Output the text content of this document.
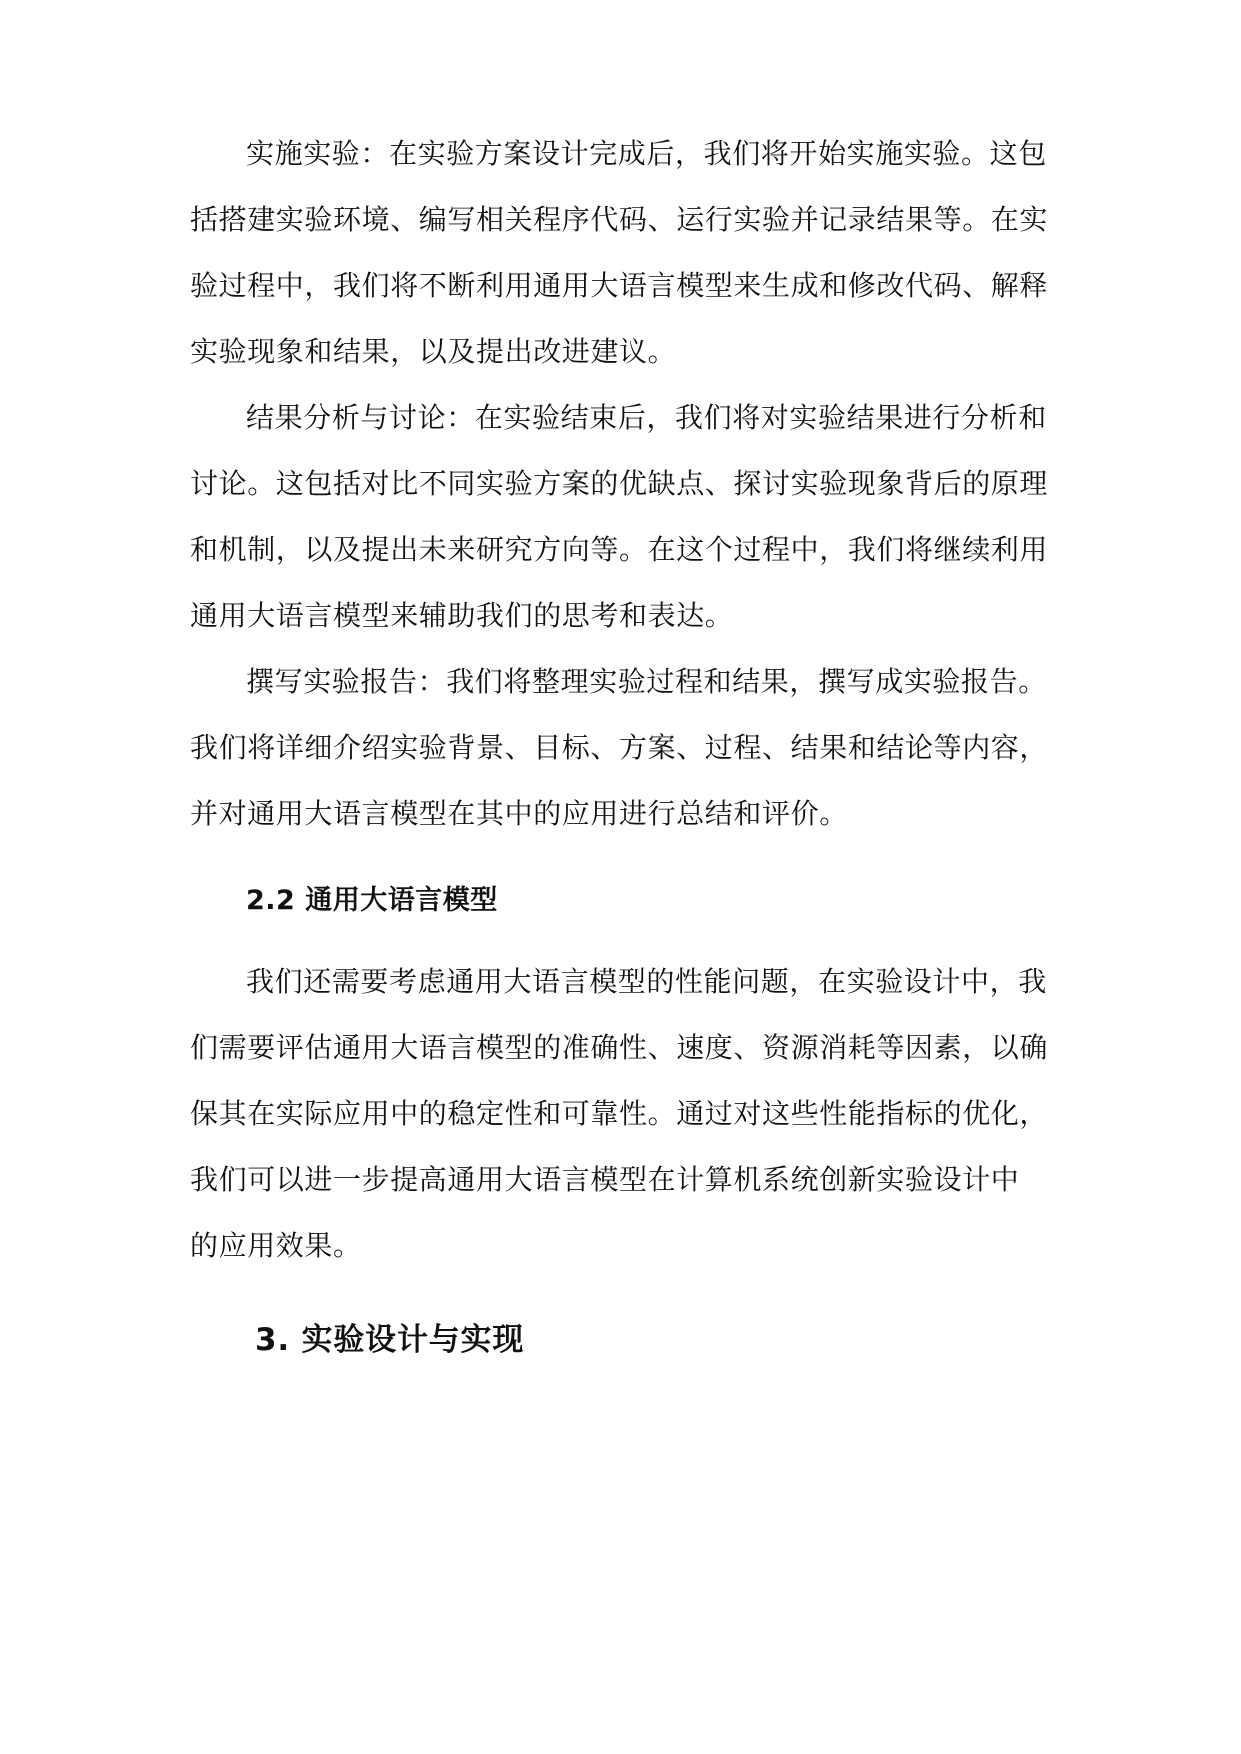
实施实验：在实验方案设计完成后，我们将开始实施实验。这包
括搭建实验环境、编写相关程序代码、运行实验并记录结果等。在实
验过程中，我们将不断利用通用大语言模型来生成和修改代码、解释
实验现象和结果，以及提出改进建议。
结果分析与讨论：在实验结束后，我们将对实验结果进行分析和
讨论。这包括对比不同实验方案的优缺点、探讨实验现象背后的原理
和机制，以及提出未来研究方向等。在这个过程中，我们将继续利用
通用大语言模型来辅助我们的思考和表达。
撰写实验报告：我们将整理实验过程和结果，撰写成实验报告。
我们将详细介绍实验背景、目标、方案、过程、结果和结论等内容，
并对通用大语言模型在其中的应用进行总结和评价。
2.2 通用大语言模型
我们还需要考虑通用大语言模型的性能问题，在实验设计中，我
们需要评估通用大语言模型的准确性、速度、资源消耗等因素，以确
保其在实际应用中的稳定性和可靠性。通过对这些性能指标的优化，
我们可以进一步提高通用大语言模型在计算机系统创新实验设计中
的应用效果。
3. 实验设计与实现
